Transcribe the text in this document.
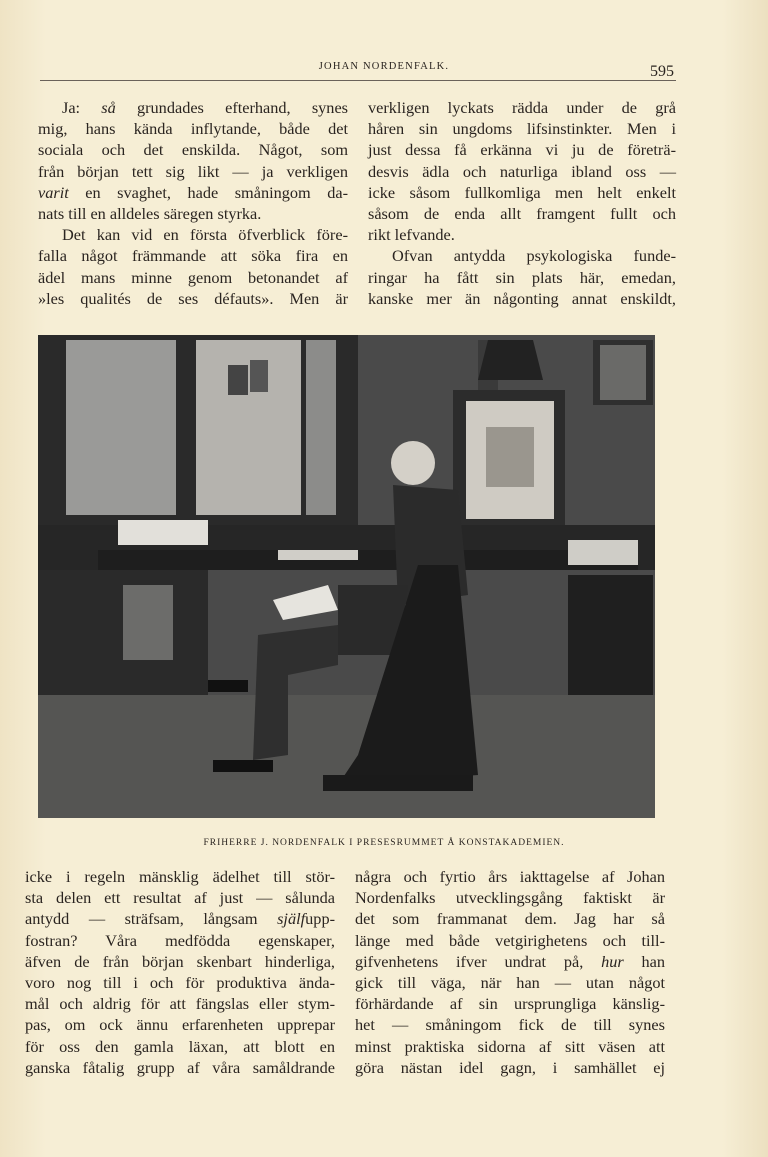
JOHAN NORDENFALK.	595
Ja: så grundades efterhand, synes
mig, hans kända inflytande, både det
sociala och det enskilda. Något, som
från början tett sig likt — ja verkligen
varit en svaghet, hade småningom da-
nats till en alldeles säregen styrka.
Det kan vid en första öfverblick före-
falla något främmande att söka fira en
ädel mans minne genom betonandet af
»les qualités de ses défauts». Men är
verkligen lyckats rädda under de grå
håren sin ungdoms lifsinstinkter. Men i
just dessa få erkänna vi ju de företrä-
desvis ädla och naturliga ibland oss —
icke såsom fullkomliga men helt enkelt
såsom de enda allt framgent fullt och
rikt lefvande.
Ofvan antydda psykologiska funde-
ringar ha fått sin plats här, emedan,
kanske mer än någonting annat enskildt,
FRIHERRE J. NORDENFALK I PRESESRUMMET Å KONSTAKADEMIEN.
icke i regeln mänsklig ädelhet till stör-
sta delen ett resultat af just — sålunda
antydd — sträfsam, långsam själfupp-
fostran? Våra medfödda egenskaper,
äfven de från början skenbart hinderliga,
voro nog till i och för produktiva ända-
mål och aldrig för att fängslas eller stym-
pas, om ock ännu erfarenheten upprepar
för oss den gamla läxan, att blott en
ganska fåtalig grupp af våra samåldrande
några och fyrtio års iakttagelse af Johan
Nordenfalks utvecklingsgång faktiskt är
det som frammanat dem. Jag har så
länge med både vetgirighetens och till-
gifvenhetens ifver undrat på, hur han
gick till väga, när han — utan något
förhärdande af sin ursprungliga känslig-
het — småningom fick de till synes
minst praktiska sidorna af sitt väsen att
göra nästan idel gagn, i samhället ej
